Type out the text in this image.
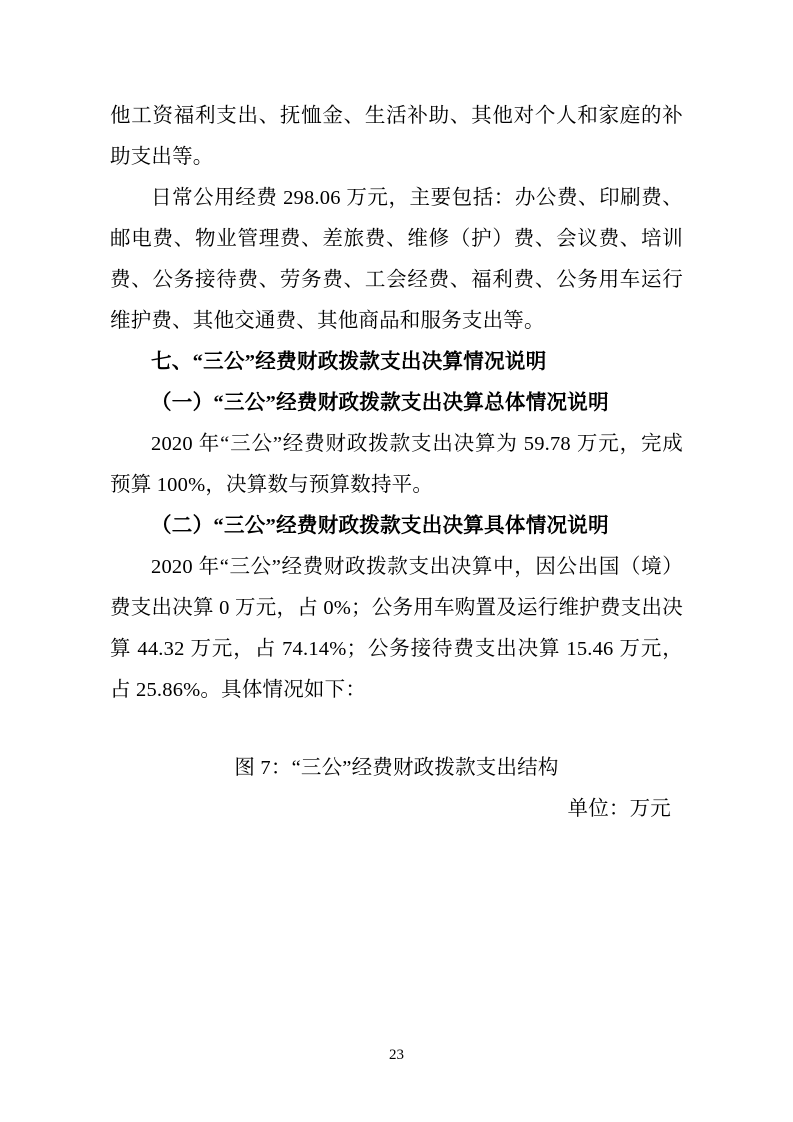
他工资福利支出、抚恤金、生活补助、其他对个人和家庭的补助支出等。

日常公用经费 298.06 万元，主要包括：办公费、印刷费、邮电费、物业管理费、差旅费、维修（护）费、会议费、培训费、公务接待费、劳务费、工会经费、福利费、公务用车运行维护费、其他交通费、其他商品和服务支出等。

七、“三公”经费财政拨款支出决算情况说明

（一）“三公”经费财政拨款支出决算总体情况说明

2020 年“三公”经费财政拨款支出决算为 59.78 万元，完成预算 100%，决算数与预算数持平。

（二）“三公”经费财政拨款支出决算具体情况说明

2020 年“三公”经费财政拨款支出决算中，因公出国（境）费支出决算 0 万元，占 0%；公务用车购置及运行维护费支出决算 44.32 万元，占 74.14%；公务接待费支出决算 15.46 万元，占 25.86%。具体情况如下：

图 7：“三公”经费财政拨款支出结构

单位：万元

23
